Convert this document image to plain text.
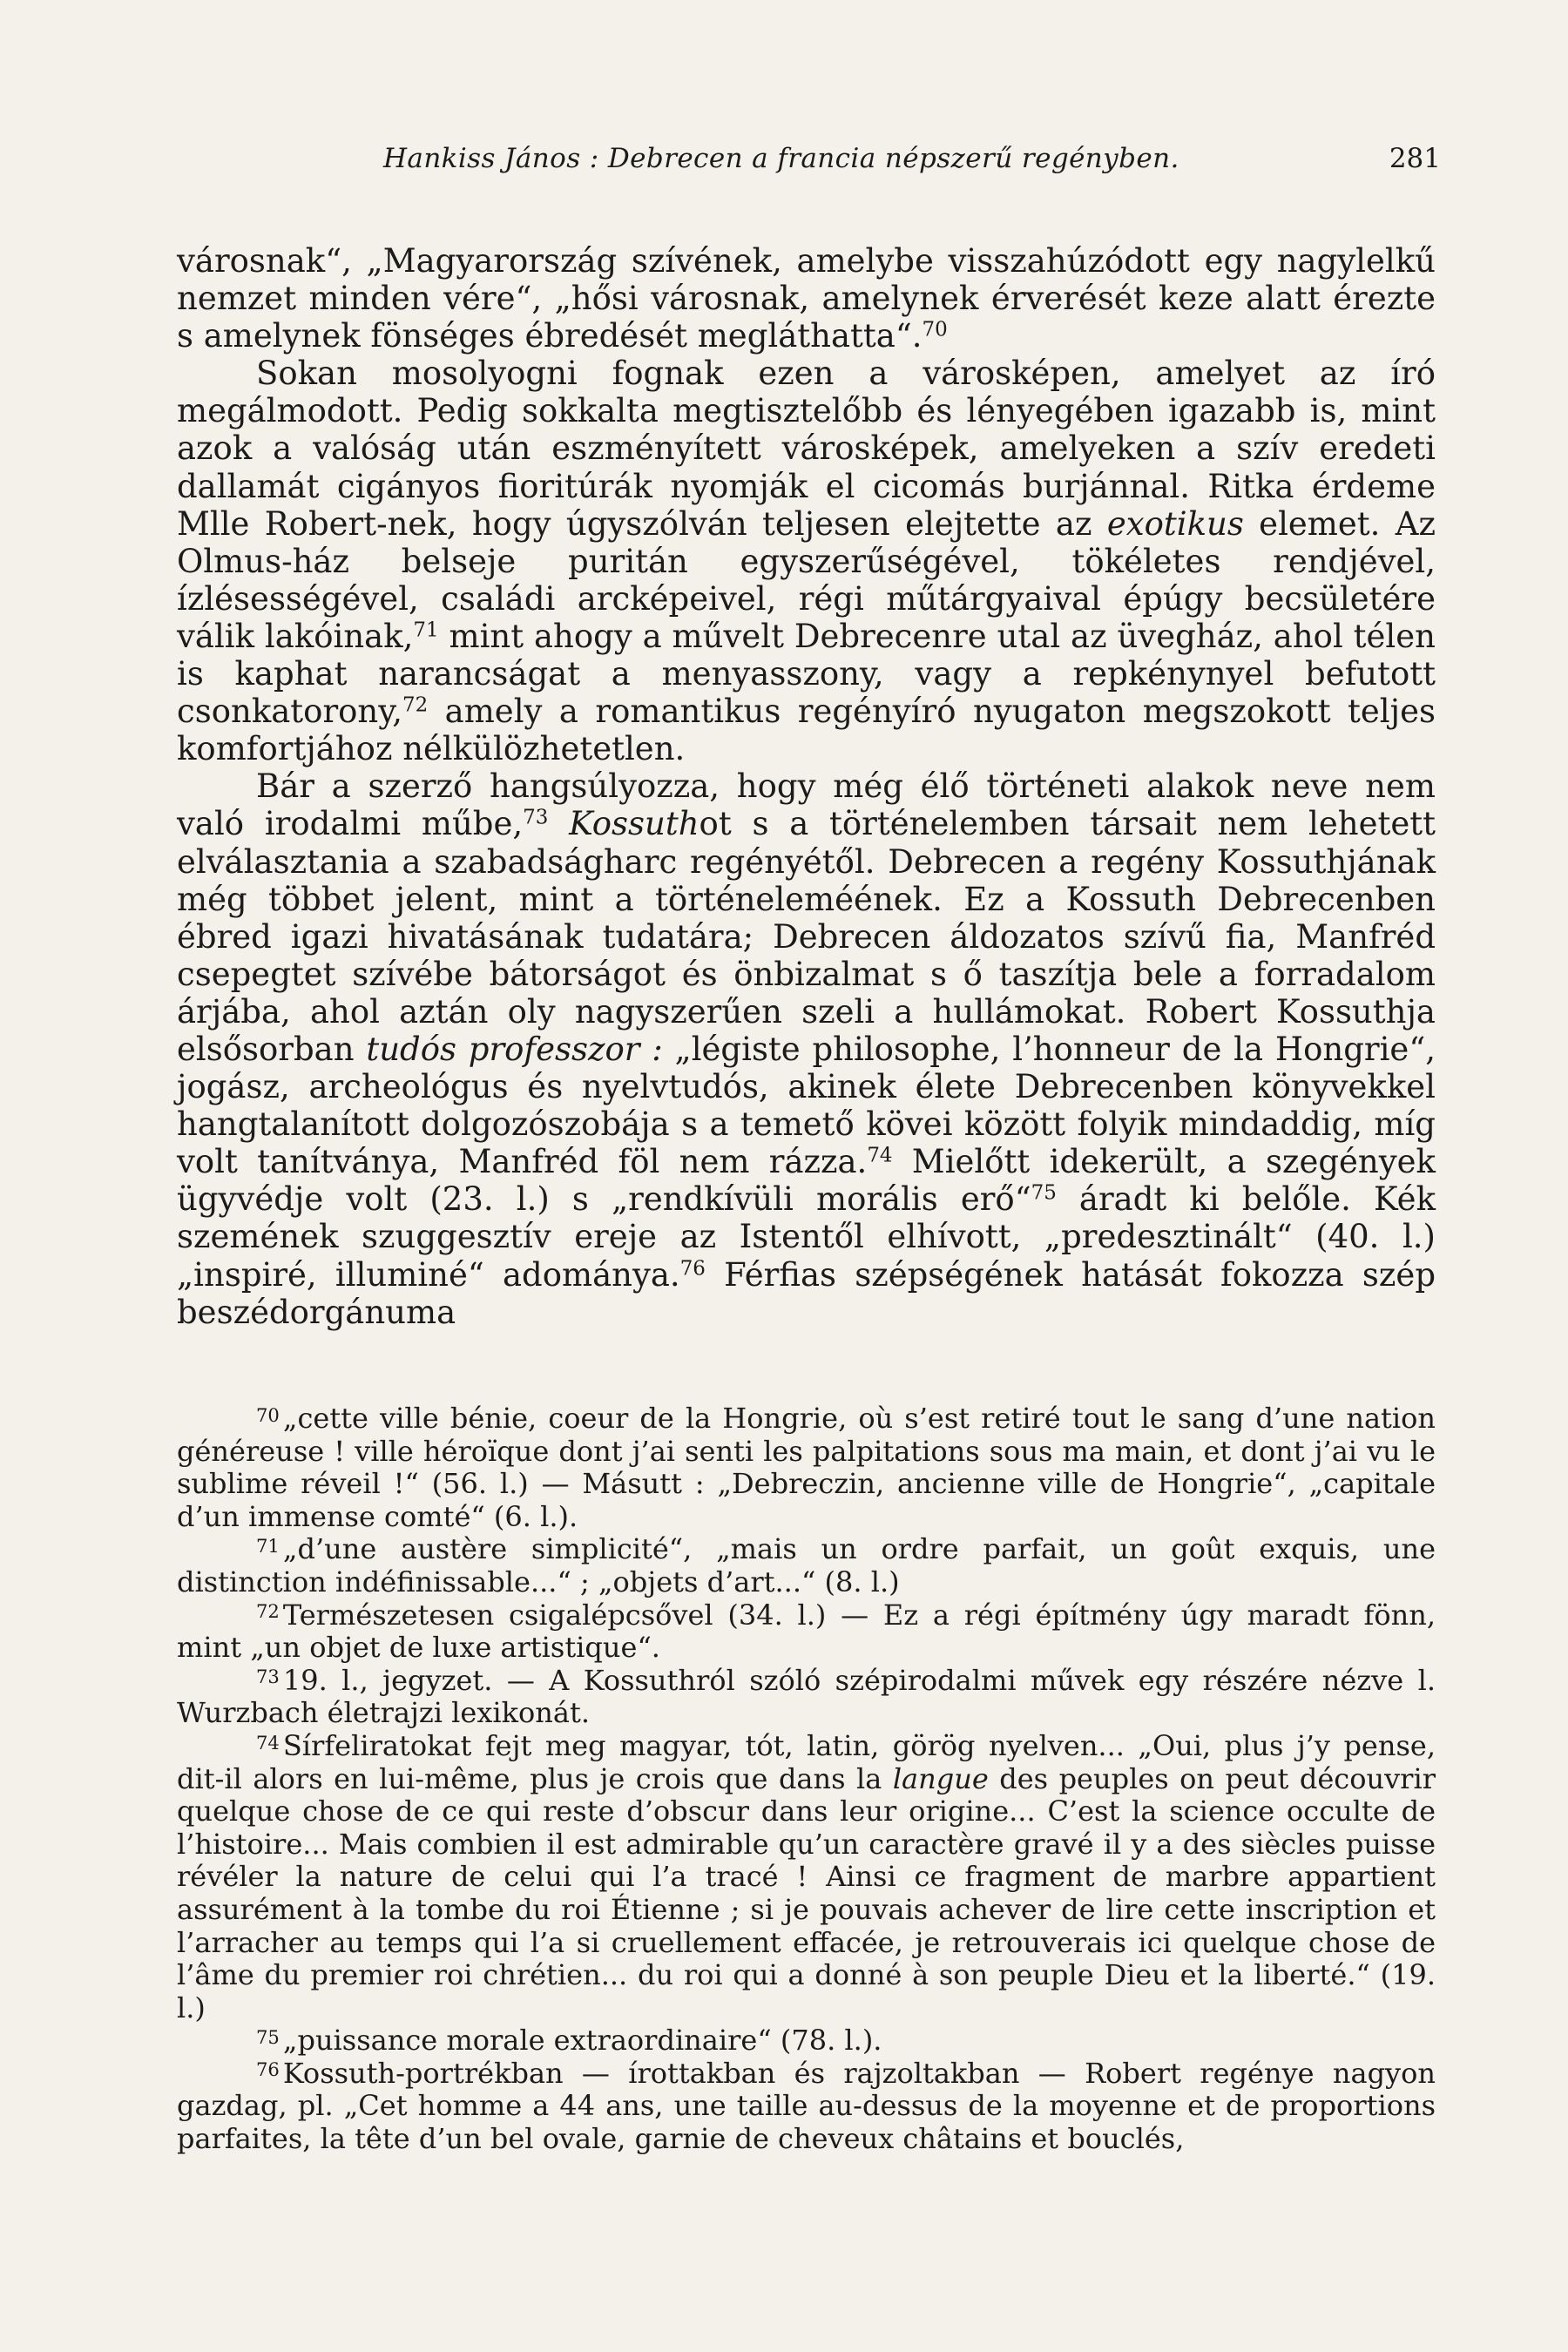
Hankiss János : Debrecen a francia népszerű regényben.	281

városnak“, „Magyarország szívének, amelybe visszahúzódott egy nagylelkű nemzet minden vére“, „hősi városnak, amelynek érverését keze alatt érezte s amelynek fönséges ébredését megláthatta“.$^{70}$

Sokan mosolyogni fognak ezen a városképen, amelyet az író megálmodott. Pedig sokkalta megtisztelőbb és lényegében igazabb is, mint azok a valóság után eszményített városképek, amelyeken a szív eredeti dallamát cigányos fioritúrák nyomják el cicomás burjánnal. Ritka érdeme Mlle Robert-nek, hogy úgyszólván teljesen elejtette az exotikus elemet. Az Olmus-ház belseje puritán egyszerűségével, tökéletes rendjével, ízlésességével, családi arcképeivel, régi műtárgyaival épúgy becsületére válik lakóinak,$^{71}$ mint ahogy a művelt Debrecenre utal az üvegház, ahol télen is kaphat narancságat a menyasszony, vagy a repkénynyel befutott csonkatorony,$^{72}$ amely a romantikus regényíró nyugaton megszokott teljes komfortjához nélkülözhetetlen.

Bár a szerző hangsúlyozza, hogy még élő történeti alakok neve nem való irodalmi műbe,$^{73}$ Kossuthot s a történelemben társait nem lehetett elválasztania a szabadságharc regényétől. Debrecen a regény Kossuthjának még többet jelent, mint a történeleméének. Ez a Kossuth Debrecenben ébred igazi hivatásának tudatára; Debrecen áldozatos szívű fia, Manfréd csepegtet szívébe bátorságot és önbizalmat s ő taszítja bele a forradalom árjába, ahol aztán oly nagyszerűen szeli a hullámokat. Robert Kossuthja elsősorban tudós professzor : „légiste philosophe, l’honneur de la Hongrie“, jogász, archeológus és nyelvtudós, akinek élete Debrecenben könyvekkel hangtalanított dolgozószobája s a temető kövei között folyik mindaddig, míg volt tanítványa, Manfréd föl nem rázza.$^{74}$ Mielőtt idekerült, a szegények ügyvédje volt (23. l.) s „rendkívüli morális erő“$^{75}$ áradt ki belőle. Kék szemének szuggesztív ereje az Istentől elhívott, „predesztinált“ (40. l.) „inspiré, illuminé“ adománya.$^{76}$ Férfias szépségének hatását fokozza szép beszédorgánuma

$^{70}$ „cette ville bénie, coeur de la Hongrie, où s’est retiré tout le sang d’une nation généreuse ! ville héroïque dont j’ai senti les palpitations sous ma main, et dont j’ai vu le sublime réveil !“ (56. l.) — Másutt : „Debreczin, ancienne ville de Hongrie“, „capitale d’un immense comté“ (6. l.).

$^{71}$ „d’une austère simplicité“, „mais un ordre parfait, un goût exquis, une distinction indéfinissable...“ ; „objets d’art...“ (8. l.)

$^{72}$ Természetesen csigalépcsővel (34. l.) — Ez a régi építmény úgy maradt fönn, mint „un objet de luxe artistique“.

$^{73}$ 19. l., jegyzet. — A Kossuthról szóló szépirodalmi művek egy részére nézve l. Wurzbach életrajzi lexikonát.

$^{74}$ Sírfeliratokat fejt meg magyar, tót, latin, görög nyelven... „Oui, plus j’y pense, dit-il alors en lui-même, plus je crois que dans la langue des peuples on peut découvrir quelque chose de ce qui reste d’obscur dans leur origine... C’est la science occulte de l’histoire... Mais combien il est admirable qu’un caractère gravé il y a des siècles puisse révéler la nature de celui qui l’a tracé ! Ainsi ce fragment de marbre appartient assurément à la tombe du roi Étienne ; si je pouvais achever de lire cette inscription et l’arracher au temps qui l’a si cruellement effacée, je retrouverais ici quelque chose de l’âme du premier roi chrétien... du roi qui a donné à son peuple Dieu et la liberté.“ (19. l.)

$^{75}$ „puissance morale extraordinaire“ (78. l.).

$^{76}$ Kossuth-portrékban — írottakban és rajzoltakban — Robert regénye nagyon gazdag, pl. „Cet homme a 44 ans, une taille au-dessus de la moyenne et de proportions parfaites, la tête d’un bel ovale, garnie de cheveux châtains et bouclés,
